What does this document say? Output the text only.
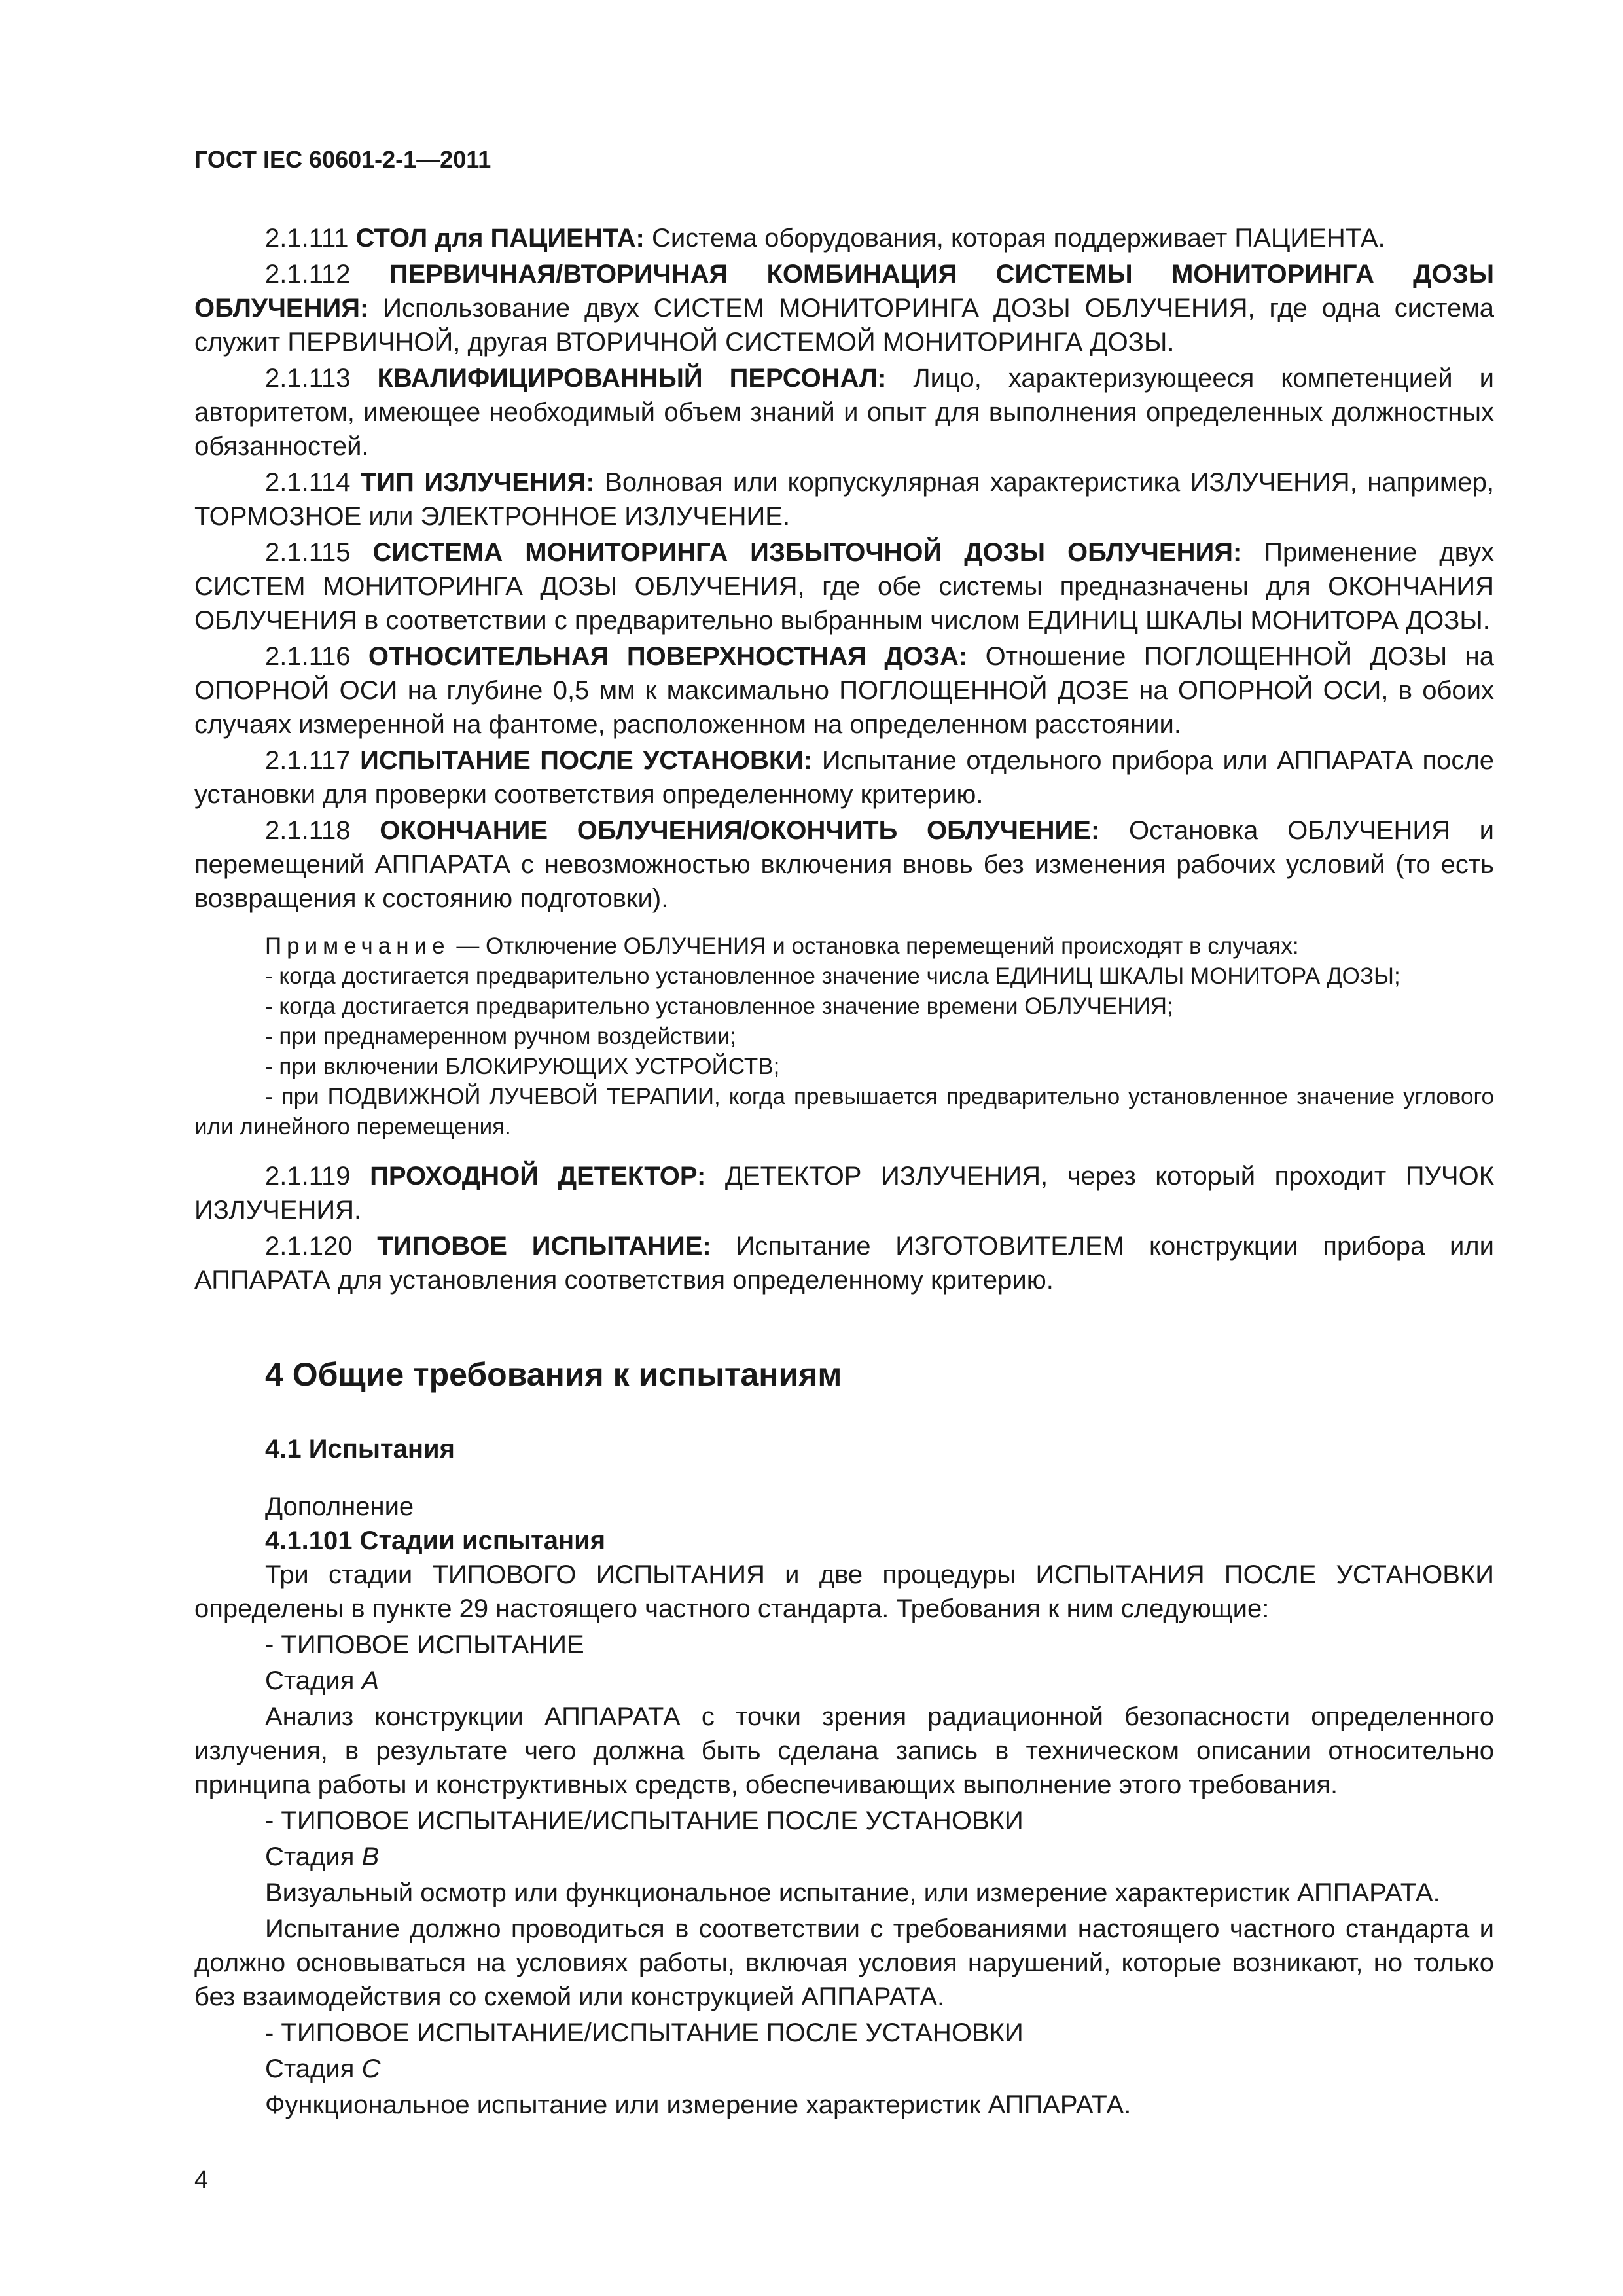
ГОСТ IEC 60601-2-1—2011

2.1.111 СТОЛ для ПАЦИЕНТА: Система оборудования, которая поддерживает ПАЦИЕНТА.

2.1.112 ПЕРВИЧНАЯ/ВТОРИЧНАЯ КОМБИНАЦИЯ СИСТЕМЫ МОНИТОРИНГА ДОЗЫ ОБЛУЧЕНИЯ: Использование двух СИСТЕМ МОНИТОРИНГА ДОЗЫ ОБЛУЧЕНИЯ, где одна система служит ПЕРВИЧНОЙ, другая ВТОРИЧНОЙ СИСТЕМОЙ МОНИТОРИНГА ДОЗЫ.

2.1.113 КВАЛИФИЦИРОВАННЫЙ ПЕРСОНАЛ: Лицо, характеризующееся компетенцией и авторитетом, имеющее необходимый объем знаний и опыт для выполнения определенных должностных обязанностей.

2.1.114 ТИП ИЗЛУЧЕНИЯ: Волновая или корпускулярная характеристика ИЗЛУЧЕНИЯ, например, ТОРМОЗНОЕ или ЭЛЕКТРОННОЕ ИЗЛУЧЕНИЕ.

2.1.115 СИСТЕМА МОНИТОРИНГА ИЗБЫТОЧНОЙ ДОЗЫ ОБЛУЧЕНИЯ: Применение двух СИСТЕМ МОНИТОРИНГА ДОЗЫ ОБЛУЧЕНИЯ, где обе системы предназначены для ОКОНЧАНИЯ ОБЛУЧЕНИЯ в соответствии с предварительно выбранным числом ЕДИНИЦ ШКАЛЫ МОНИТОРА ДОЗЫ.

2.1.116 ОТНОСИТЕЛЬНАЯ ПОВЕРХНОСТНАЯ ДОЗА: Отношение ПОГЛОЩЕННОЙ ДОЗЫ на ОПОРНОЙ ОСИ на глубине 0,5 мм к максимально ПОГЛОЩЕННОЙ ДОЗЕ на ОПОРНОЙ ОСИ, в обоих случаях измеренной на фантоме, расположенном на определенном расстоянии.

2.1.117 ИСПЫТАНИЕ ПОСЛЕ УСТАНОВКИ: Испытание отдельного прибора или АППАРАТА после установки для проверки соответствия определенному критерию.

2.1.118 ОКОНЧАНИЕ ОБЛУЧЕНИЯ/ОКОНЧИТЬ ОБЛУЧЕНИЕ: Остановка ОБЛУЧЕНИЯ и перемещений АППАРАТА с невозможностью включения вновь без изменения рабочих условий (то есть возвращения к состоянию подготовки).

Примечание — Отключение ОБЛУЧЕНИЯ и остановка перемещений происходят в случаях:

- когда достигается предварительно установленное значение числа ЕДИНИЦ ШКАЛЫ МОНИТОРА ДОЗЫ;

- когда достигается предварительно установленное значение времени ОБЛУЧЕНИЯ;

- при преднамеренном ручном воздействии;

- при включении БЛОКИРУЮЩИХ УСТРОЙСТВ;

- при ПОДВИЖНОЙ ЛУЧЕВОЙ ТЕРАПИИ, когда превышается предварительно установленное значение углового или линейного перемещения.

2.1.119 ПРОХОДНОЙ ДЕТЕКТОР: ДЕТЕКТОР ИЗЛУЧЕНИЯ, через который проходит ПУЧОК ИЗЛУЧЕНИЯ.

2.1.120 ТИПОВОЕ ИСПЫТАНИЕ: Испытание ИЗГОТОВИТЕЛЕМ конструкции прибора или АППАРАТА для установления соответствия определенному критерию.

4 Общие требования к испытаниям
4.1 Испытания

Дополнение

4.1.101 Стадии испытания

Три стадии ТИПОВОГО ИСПЫТАНИЯ и две процедуры ИСПЫТАНИЯ ПОСЛЕ УСТАНОВКИ определены в пункте 29 настоящего частного стандарта. Требования к ним следующие:

- ТИПОВОЕ ИСПЫТАНИЕ

Стадия А

Анализ конструкции АППАРАТА с точки зрения радиационной безопасности определенного излучения, в результате чего должна быть сделана запись в техническом описании относительно принципа работы и конструктивных средств, обеспечивающих выполнение этого требования.

- ТИПОВОЕ ИСПЫТАНИЕ/ИСПЫТАНИЕ ПОСЛЕ УСТАНОВКИ

Стадия В

Визуальный осмотр или функциональное испытание, или измерение характеристик АППАРАТА.

Испытание должно проводиться в соответствии с требованиями настоящего частного стандарта и должно основываться на условиях работы, включая условия нарушений, которые возникают, но только без взаимодействия со схемой или конструкцией АППАРАТА.

- ТИПОВОЕ ИСПЫТАНИЕ/ИСПЫТАНИЕ ПОСЛЕ УСТАНОВКИ

Стадия С

Функциональное испытание или измерение характеристик АППАРАТА.

4
